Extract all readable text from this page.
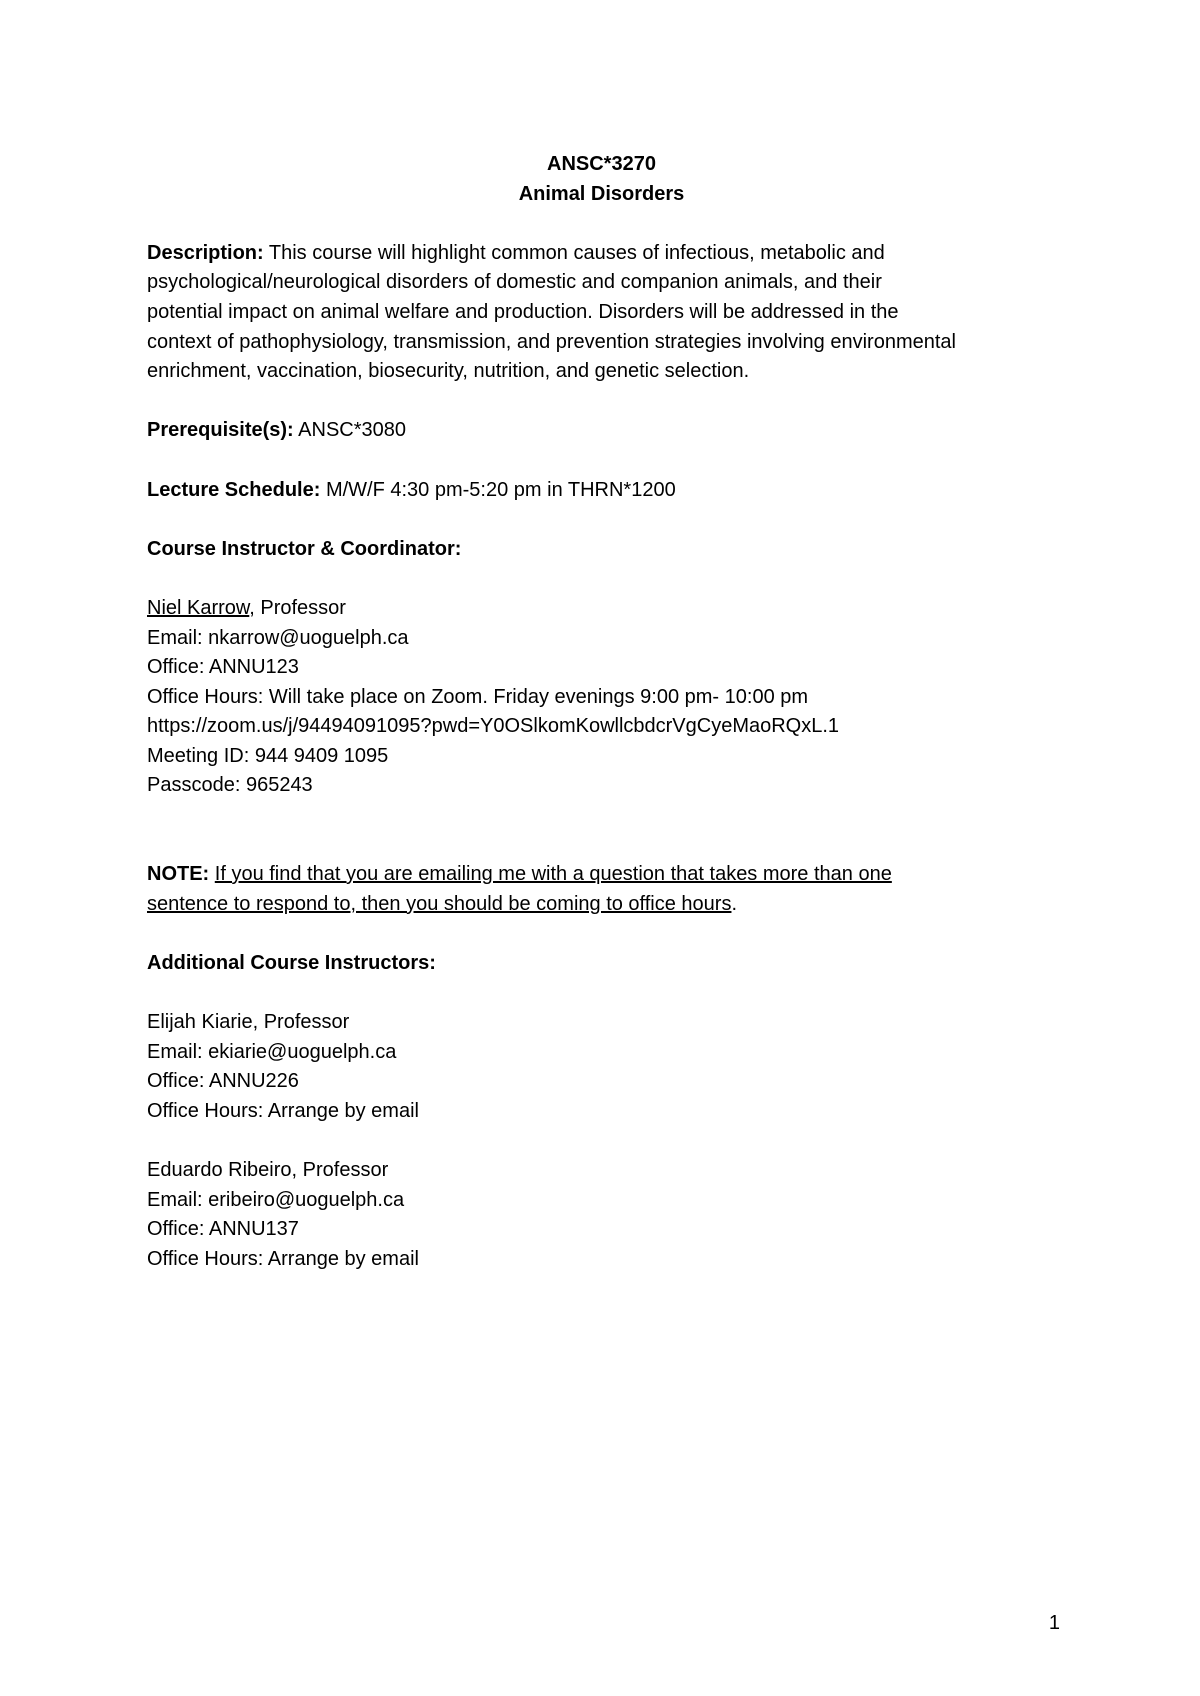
ANSC*3270
Animal Disorders
Description: This course will highlight common causes of infectious, metabolic and
psychological/neurological disorders of domestic and companion animals, and their
potential impact on animal welfare and production. Disorders will be addressed in the
context of pathophysiology, transmission, and prevention strategies involving environmental
enrichment, vaccination, biosecurity, nutrition, and genetic selection.
Prerequisite(s): ANSC*3080
Lecture Schedule: M/W/F 4:30 pm-5:20 pm in THRN*1200
Course Instructor & Coordinator:
Niel Karrow, Professor
Email: nkarrow@uoguelph.ca
Office: ANNU123
Office Hours: Will take place on Zoom. Friday evenings 9:00 pm- 10:00 pm
https://zoom.us/j/94494091095?pwd=Y0OSlkomKowllcbdcrVgCyeMaoRQxL.1
Meeting ID: 944 9409 1095
Passcode: 965243
NOTE: If you find that you are emailing me with a question that takes more than one
sentence to respond to, then you should be coming to office hours.
Additional Course Instructors:
Elijah Kiarie, Professor
Email: ekiarie@uoguelph.ca
Office: ANNU226
Office Hours: Arrange by email
Eduardo Ribeiro, Professor
Email: eribeiro@uoguelph.ca
Office: ANNU137
Office Hours: Arrange by email
1
